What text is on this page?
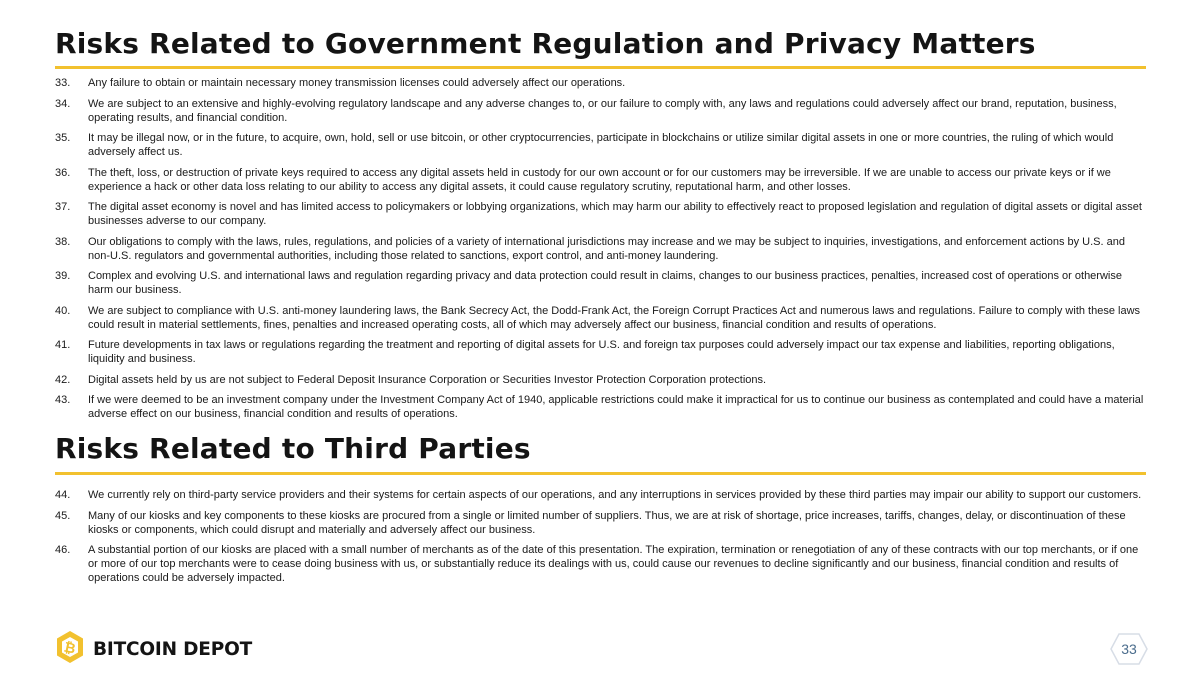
Risks Related to Government Regulation and Privacy Matters
33.	Any failure to obtain or maintain necessary money transmission licenses could adversely affect our operations.
34.	We are subject to an extensive and highly-evolving regulatory landscape and any adverse changes to, or our failure to comply with, any laws and regulations could adversely affect our brand, reputation, business, operating results, and financial condition.
35.	It may be illegal now, or in the future, to acquire, own, hold, sell or use bitcoin, or other cryptocurrencies, participate in blockchains or utilize similar digital assets in one or more countries, the ruling of which would adversely affect us.
36.	The theft, loss, or destruction of private keys required to access any digital assets held in custody for our own account or for our customers may be irreversible. If we are unable to access our private keys or if we experience a hack or other data loss relating to our ability to access any digital assets, it could cause regulatory scrutiny, reputational harm, and other losses.
37.	The digital asset economy is novel and has limited access to policymakers or lobbying organizations, which may harm our ability to effectively react to proposed legislation and regulation of digital assets or digital asset businesses adverse to our company.
38.	Our obligations to comply with the laws, rules, regulations, and policies of a variety of international jurisdictions may increase and we may be subject to inquiries, investigations, and enforcement actions by U.S. and non-U.S. regulators and governmental authorities, including those related to sanctions, export control, and anti-money laundering.
39.	Complex and evolving U.S. and international laws and regulation regarding privacy and data protection could result in claims, changes to our business practices, penalties, increased cost of operations or otherwise harm our business.
40.	We are subject to compliance with U.S. anti-money laundering laws, the Bank Secrecy Act, the Dodd-Frank Act, the Foreign Corrupt Practices Act and numerous laws and regulations. Failure to comply with these laws could result in material settlements, fines, penalties and increased operating costs, all of which may adversely affect our business, financial condition and results of operations.
41.	Future developments in tax laws or regulations regarding the treatment and reporting of digital assets for U.S. and foreign tax purposes could adversely impact our tax expense and liabilities, reporting obligations, liquidity and business.
42.	Digital assets held by us are not subject to Federal Deposit Insurance Corporation or Securities Investor Protection Corporation protections.
43.	If we were deemed to be an investment company under the Investment Company Act of 1940, applicable restrictions could make it impractical for us to continue our business as contemplated and could have a material adverse effect on our business, financial condition and results of operations.
Risks Related to Third Parties
44.	We currently rely on third-party service providers and their systems for certain aspects of our operations, and any interruptions in services provided by these third parties may impair our ability to support our customers.
45.	Many of our kiosks and key components to these kiosks are procured from a single or limited number of suppliers. Thus, we are at risk of shortage, price increases, tariffs, changes, delay, or discontinuation of these kiosks or components, which could disrupt and materially and adversely affect our business.
46.	A substantial portion of our kiosks are placed with a small number of merchants as of the date of this presentation. The expiration, termination or renegotiation of any of these contracts with our top merchants, or if one or more of our top merchants were to cease doing business with us, or substantially reduce its dealings with us, could cause our revenues to decline significantly and our business, financial condition and results of operations could be adversely impacted.
₿ BITCOIN DEPOT	33
